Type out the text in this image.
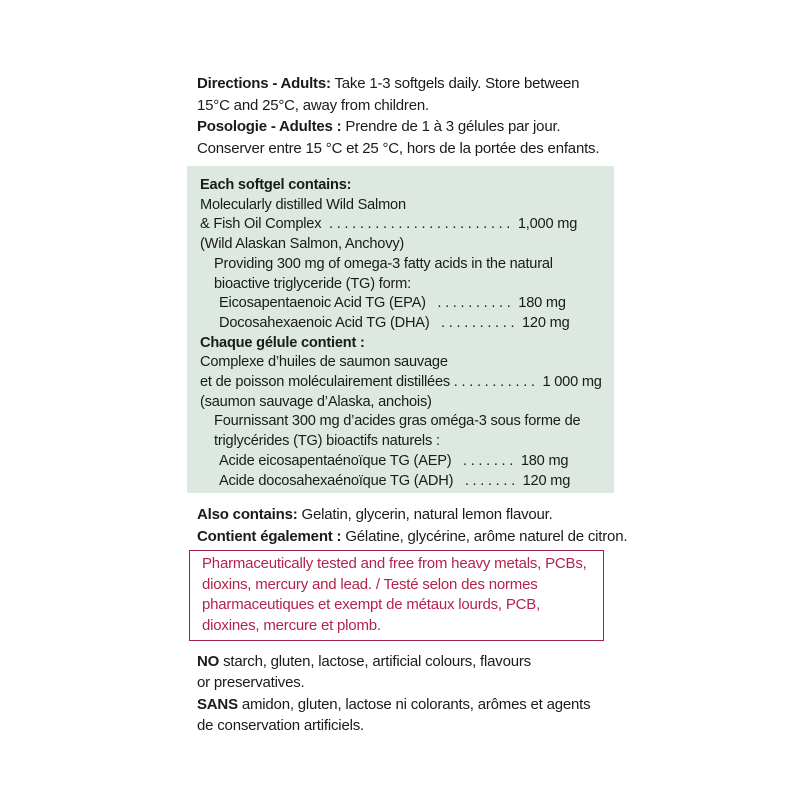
Directions - Adults: Take 1-3 softgels daily. Store between
15°C and 25°C, away from children.
Posologie - Adultes : Prendre de 1 à 3 gélules par jour.
Conserver entre 15 °C et 25 °C, hors de la portée des enfants.
Each softgel contains:
Molecularly distilled Wild Salmon
& Fish Oil Complex  . . . . . . . . . . . . . . . . . . . . . . . .  1,000 mg
(Wild Alaskan Salmon, Anchovy)
Providing 300 mg of omega-3 fatty acids in the natural
bioactive triglyceride (TG) form:
Eicosapentaenoic Acid TG (EPA)   . . . . . . . . . .  180 mg
Docosahexaenoic Acid TG (DHA)   . . . . . . . . . .  120 mg
Chaque gélule contient :
Complexe d’huiles de saumon sauvage
et de poisson moléculairement distillées . . . . . . . . . . .  1 000 mg
(saumon sauvage d’Alaska, anchois)
Fournissant 300 mg d’acides gras oméga-3 sous forme de
triglycérides (TG) bioactifs naturels :
Acide eicosapentaénoïque TG (AEP)   . . . . . . .  180 mg
Acide docosahexaénoïque TG (ADH)   . . . . . . .  120 mg
Also contains: Gelatin, glycerin, natural lemon flavour.
Contient également : Gélatine, glycérine, arôme naturel de citron.
Pharmaceutically tested and free from heavy metals, PCBs,
dioxins, mercury and lead. / Testé selon des normes
pharmaceutiques et exempt de métaux lourds, PCB,
dioxines, mercure et plomb.
NO starch, gluten, lactose, artificial colours, flavours
or preservatives.
SANS amidon, gluten, lactose ni colorants, arômes et agents
de conservation artificiels.
